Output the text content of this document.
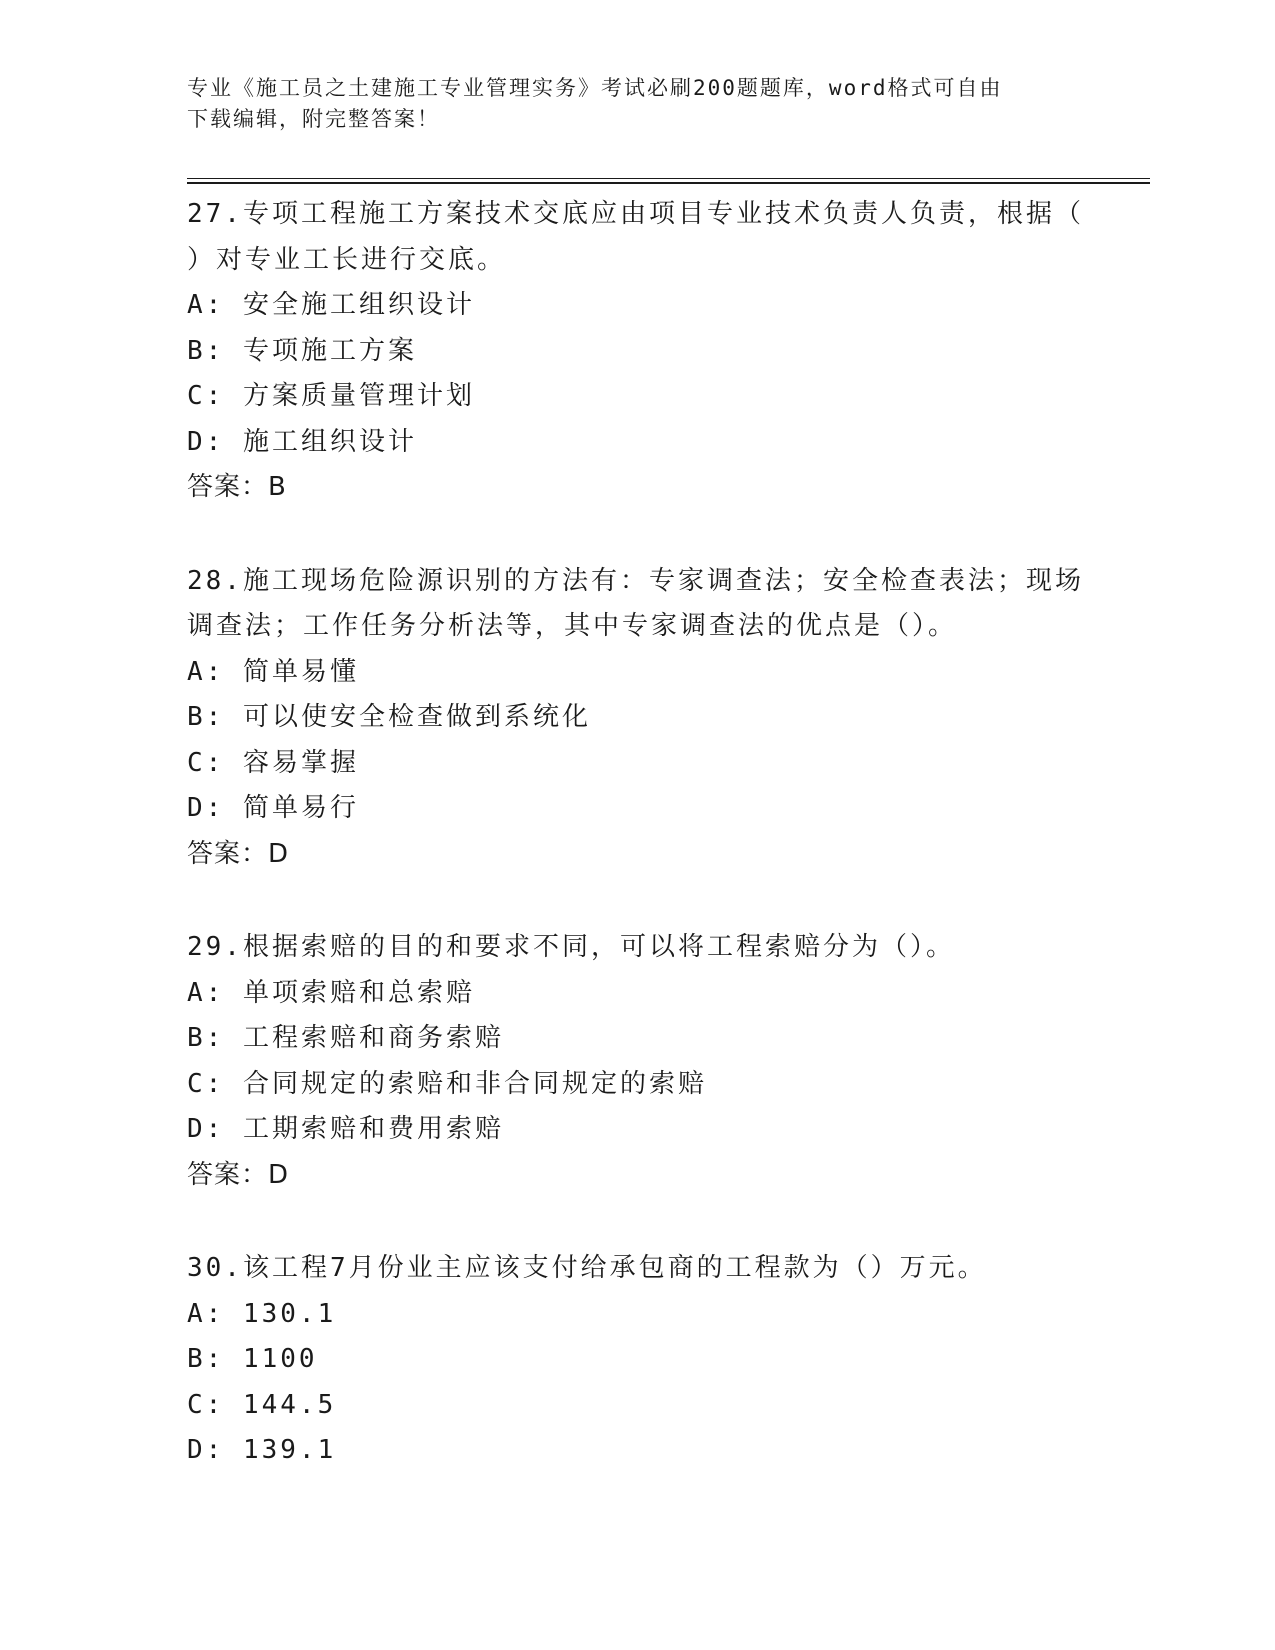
专业《施工员之土建施工专业管理实务》考试必刷200题题库，word格式可自由
下载编辑，附完整答案！
27.专项工程施工方案技术交底应由项目专业技术负责人负责，根据（
）对专业工长进行交底。
A: 安全施工组织设计
B: 专项施工方案
C: 方案质量管理计划
D: 施工组织设计
答案：B
28.施工现场危险源识别的方法有：专家调查法；安全检查表法；现场
调查法；工作任务分析法等，其中专家调查法的优点是（）。
A: 简单易懂
B: 可以使安全检查做到系统化
C: 容易掌握
D: 简单易行
答案：D
29.根据索赔的目的和要求不同，可以将工程索赔分为（）。
A: 单项索赔和总索赔
B: 工程索赔和商务索赔
C: 合同规定的索赔和非合同规定的索赔
D: 工期索赔和费用索赔
答案：D
30.该工程7月份业主应该支付给承包商的工程款为（）万元。
A: 130.1
B: 1100
C: 144.5
D: 139.1
